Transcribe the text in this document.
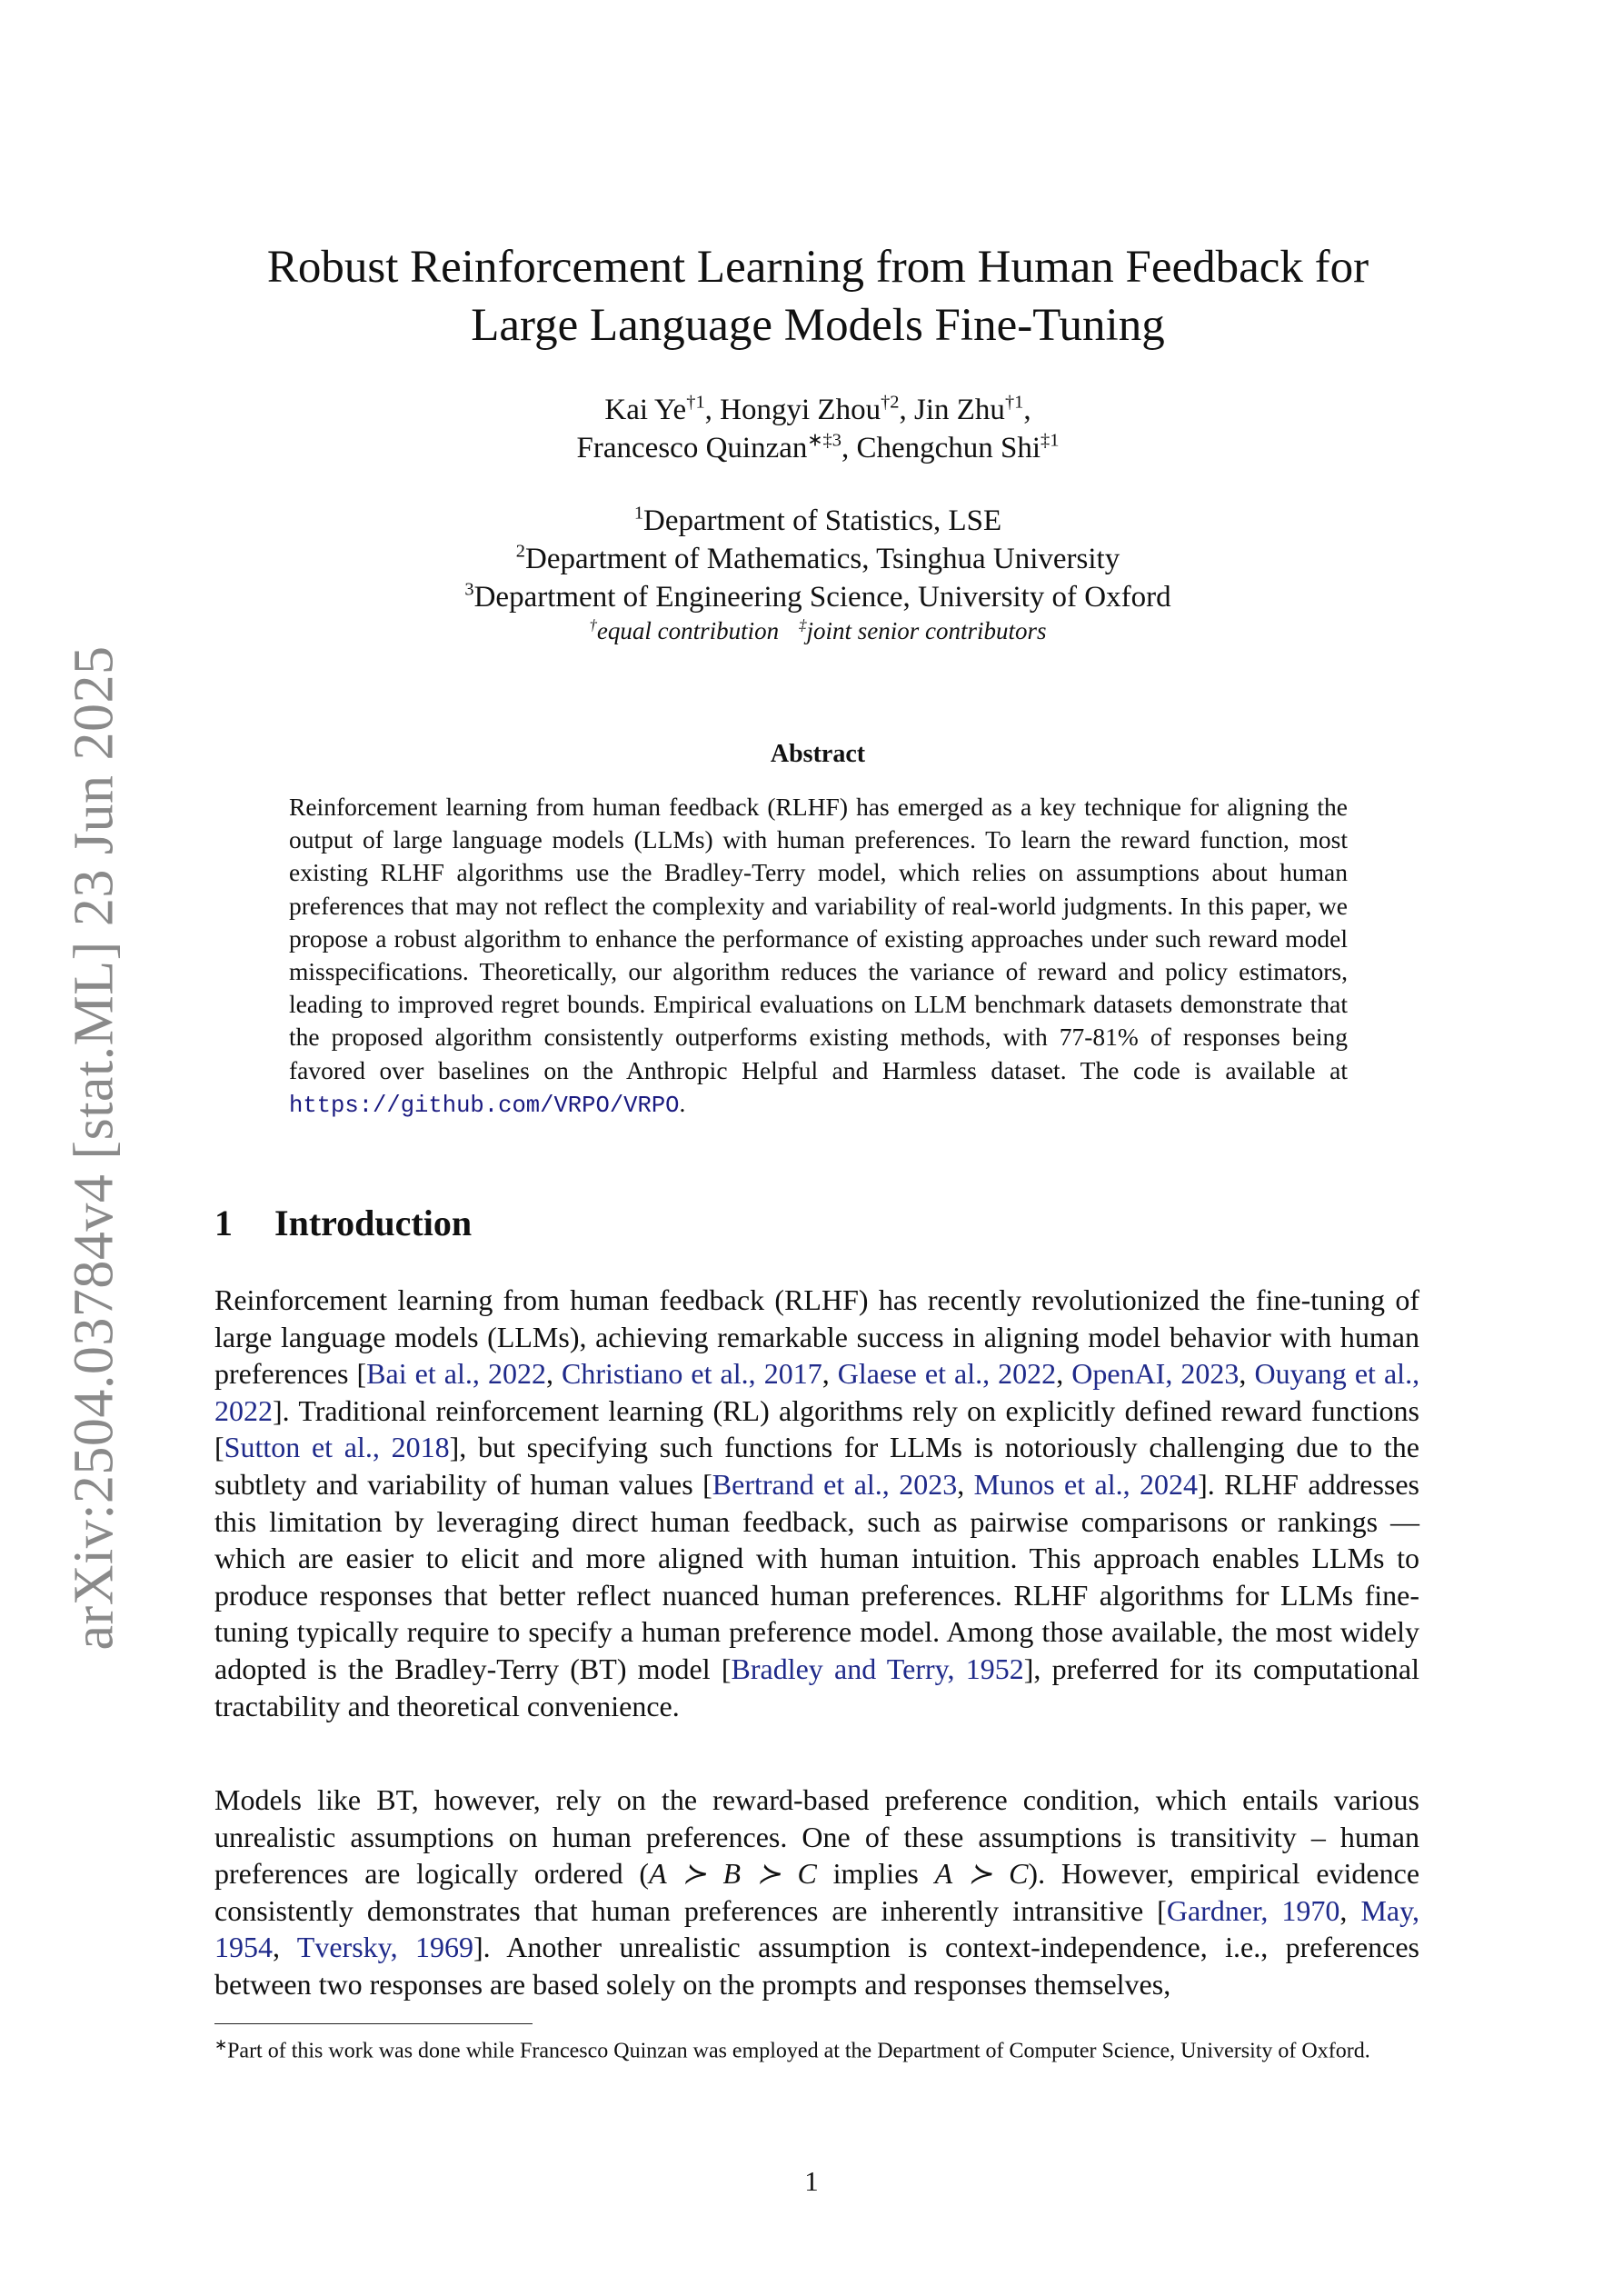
arXiv:2504.03784v4 [stat.ML] 23 Jun 2025
Robust Reinforcement Learning from Human Feedback for
Large Language Models Fine-Tuning
Kai Ye$^{\dagger 1}$, Hongyi Zhou$^{\dagger 2}$, Jin Zhu$^{\dagger 1}$,
Francesco Quinzan$^{∗\ddagger 3}$, Chengchun Shi$^{\ddagger 1}$
$^1$Department of Statistics, LSE
$^2$Department of Mathematics, Tsinghua University
$^3$Department of Engineering Science, University of Oxford
†equal contribution ‡joint senior contributors
Abstract

Reinforcement learning from human feedback (RLHF) has emerged as a key technique for aligning the output of large language models (LLMs) with human preferences. To learn the reward function, most existing RLHF algorithms use the Bradley-Terry model, which relies on assumptions about human preferences that may not reflect the complexity and variability of real-world judgments. In this paper, we propose a robust algorithm to enhance the performance of existing approaches under such reward model misspecifications. Theoretically, our algorithm reduces the variance of reward and policy estimators, leading to improved regret bounds. Empirical evaluations on LLM benchmark datasets demonstrate that the proposed algorithm consistently outperforms existing methods, with 77-81% of responses being favored over baselines on the Anthropic Helpful and Harmless dataset. The code is available at https://github.com/VRPO/VRPO.

1 Introduction

Reinforcement learning from human feedback (RLHF) has recently revolutionized the fine-tuning of large language models (LLMs), achieving remarkable success in aligning model behavior with human preferences [Bai et al., 2022, Christiano et al., 2017, Glaese et al., 2022, OpenAI, 2023, Ouyang et al., 2022]. Traditional reinforcement learning (RL) algorithms rely on explicitly defined reward functions [Sutton et al., 2018], but specifying such functions for LLMs is notoriously challenging due to the subtlety and variability of human values [Bertrand et al., 2023, Munos et al., 2024]. RLHF addresses this limitation by leveraging direct human feedback, such as pairwise comparisons or rankings — which are easier to elicit and more aligned with human intuition. This approach enables LLMs to produce responses that better reflect nuanced human preferences. RLHF algorithms for LLMs fine-tuning typically require to specify a human preference model. Among those available, the most widely adopted is the Bradley-Terry (BT) model [Bradley and Terry, 1952], preferred for its computational tractability and theoretical convenience.

Models like BT, however, rely on the reward-based preference condition, which entails various unrealistic assumptions on human preferences. One of these assumptions is transitivity – human preferences are logically ordered (A ≻ B ≻ C implies A ≻ C). However, empirical evidence consistently demonstrates that human preferences are inherently intransitive [Gardner, 1970, May, 1954, Tversky, 1969]. Another unrealistic assumption is context-independence, i.e., preferences between two responses are based solely on the prompts and responses themselves,

∗Part of this work was done while Francesco Quinzan was employed at the Department of Computer Science, University of Oxford.

1
